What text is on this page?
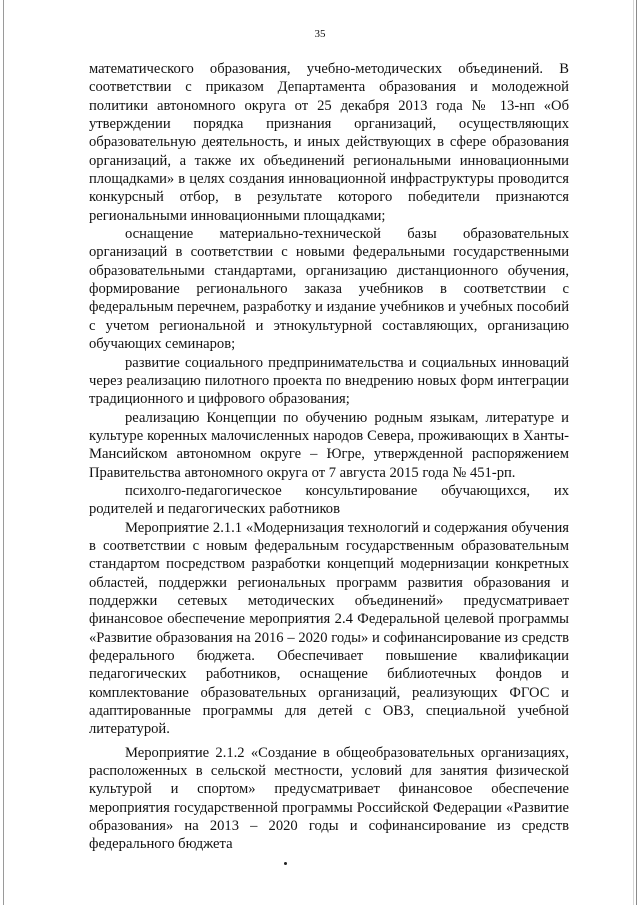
35

математического образования, учебно-методических объединений. В соответствии с приказом Департамента образования и молодежной политики автономного округа от 25 декабря 2013 года № 13-нп «Об утверждении порядка признания организаций, осуществляющих образовательную деятельность, и иных действующих в сфере образования организаций, а также их объединений региональными инновационными площадками» в целях создания инновационной инфраструктуры проводится конкурсный отбор, в результате которого победители признаются региональными инновационными площадками;

оснащение материально-технической базы образовательных организаций в соответствии с новыми федеральными государственными образовательными стандартами, организацию дистанционного обучения, формирование регионального заказа учебников в соответствии с федеральным перечнем, разработку и издание учебников и учебных пособий с учетом региональной и этнокультурной составляющих, организацию обучающих семинаров;

развитие социального предпринимательства и социальных инноваций через реализацию пилотного проекта по внедрению новых форм интеграции традиционного и цифрового образования;

реализацию Концепции по обучению родным языкам, литературе и культуре коренных малочисленных народов Севера, проживающих в Ханты-Мансийском автономном округе – Югре, утвержденной распоряжением Правительства автономного округа от 7 августа 2015 года № 451-рп.

психолго-педагогическое консультирование обучающихся, их родителей и педагогических работников

Мероприятие 2.1.1 «Модернизация технологий и содержания обучения в соответствии с новым федеральным государственным образовательным стандартом посредством разработки концепций модернизации конкретных областей, поддержки региональных программ развития образования и поддержки сетевых методических объединений» предусматривает финансовое обеспечение мероприятия 2.4 Федеральной целевой программы «Развитие образования на 2016 – 2020 годы» и софинансирование из средств федерального бюджета. Обеспечивает повышение квалификации педагогических работников, оснащение библиотечных фондов и комплектование образовательных организаций, реализующих ФГОС и адаптированные программы для детей с ОВЗ, специальной учебной литературой.

Мероприятие 2.1.2 «Создание в общеобразовательных организациях, расположенных в сельской местности, условий для занятия физической культурой и спортом» предусматривает финансовое обеспечение мероприятия государственной программы Российской Федерации «Развитие образования» на 2013 – 2020 годы и софинансирование из средств федерального бюджета
